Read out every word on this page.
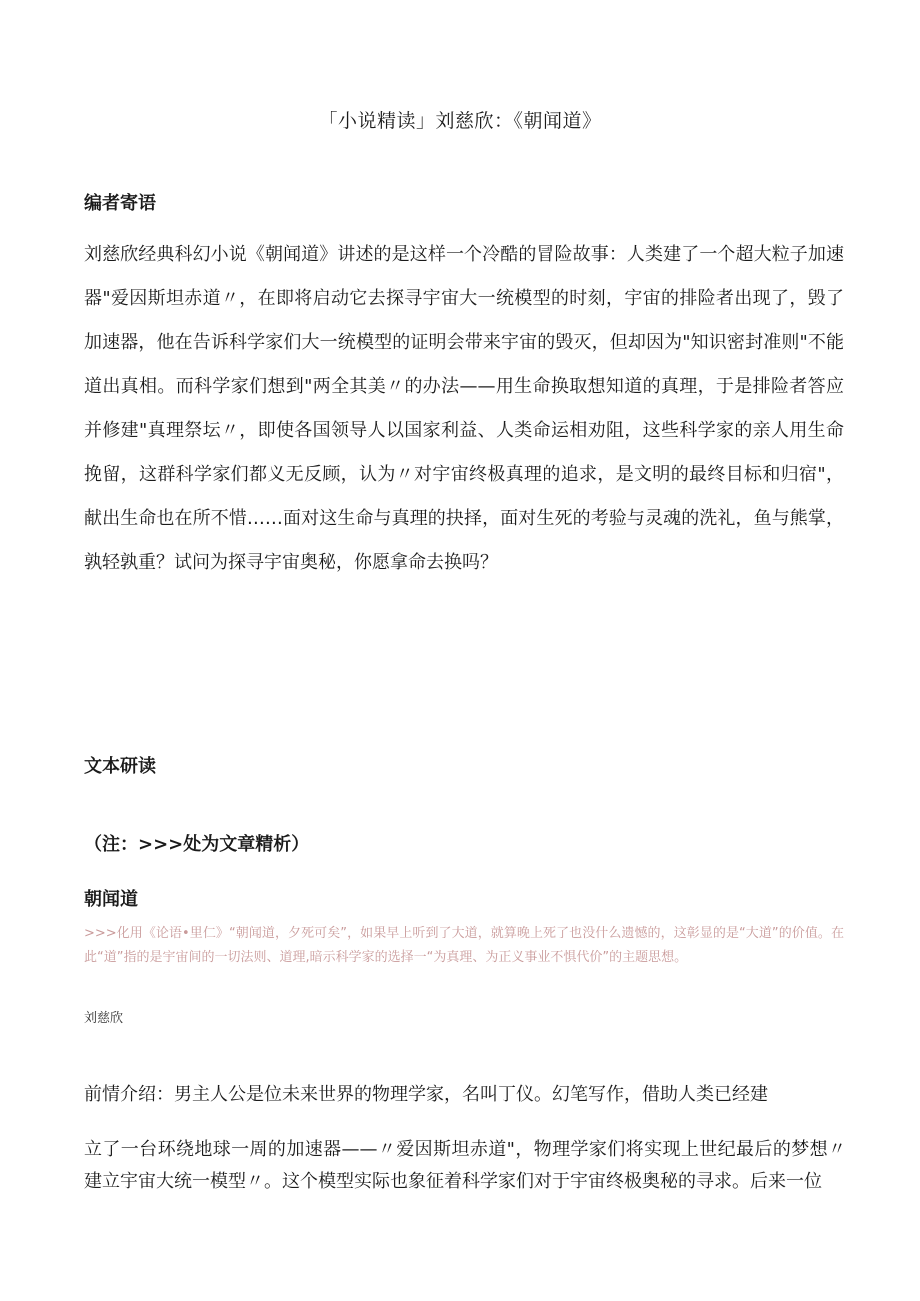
「小说精读」刘慈欣：《朝闻道》
编者寄语

刘慈欣经典科幻小说《朝闻道》讲述的是这样一个冷酷的冒险故事：人类建了一个超大粒子加速器"爱因斯坦赤道〃，在即将启动它去探寻宇宙大一统模型的时刻，宇宙的排险者出现了，毁了加速器，他在告诉科学家们大一统模型的证明会带来宇宙的毁灭，但却因为"知识密封准则"不能道出真相。而科学家们想到"两全其美〃的办法——用生命换取想知道的真理，于是排险者答应并修建"真理祭坛〃，即使各国领导人以国家利益、人类命运相劝阻，这些科学家的亲人用生命挽留，这群科学家们都义无反顾，认为〃对宇宙终极真理的追求，是文明的最终目标和归宿"，献出生命也在所不惜……面对这生命与真理的抉择，面对生死的考验与灵魂的洗礼，鱼与熊掌，孰轻孰重？试问为探寻宇宙奥秘，你愿拿命去换吗？

文本研读
（注：>>>处为文章精析）
朝闻道

>>>化用《论语•里仁》“朝闻道，夕死可矣”，如果早上听到了大道，就算晚上死了也没什么遗憾的，这彰显的是“大道”的价值。在此“道”指的是宇宙间的一切法则、道理,暗示科学家的选择一“为真理、为正义事业不惧代价”的主题思想。

刘慈欣
前情介绍：男主人公是位未来世界的物理学家，名叫丁仪。幻笔写作，借助人类已经建

立了一台环绕地球一周的加速器——〃爱因斯坦赤道"，物理学家们将实现上世纪最后的梦想〃建立宇宙大统一模型〃。这个模型实际也象征着科学家们对于宇宙终极奥秘的寻求。后来一位
